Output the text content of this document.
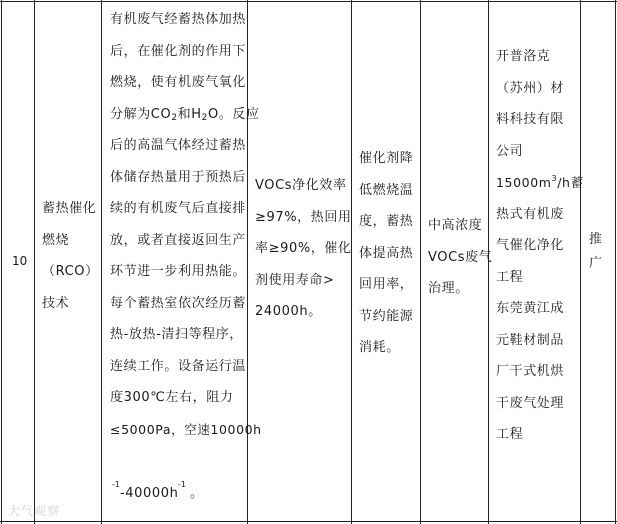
10
蓄热催化
燃烧
（RCO）
技术
有机废气经蓄热体加热
后，在催化剂的作用下
燃烧，使有机废气氧化
分解为$CO_2$和$H_2O$。反应
后的高温气体经过蓄热
体储存热量用于预热后
续的有机废气后直接排
放，或者直接返回生产
环节进一步利用热能。
每个蓄热室依次经历蓄
热-放热-清扫等程序，
连续工作。设备运行温
度300℃左右，阻力
≤5000Pa，空速10000h
-1	-1
-40000h 。
VOCs净化效率
≥97%，热回用
率≥90%，催化
剂使用寿命>
24000h。
催化剂降
低燃烧温
度，蓄热
体提高热
回用率，
节约能源
消耗。
中高浓度
VOCs废气
治理。
开普洛克
（苏州）材
料科技有限
公司
$15000m^3/h$蓄
热式有机废
气催化净化
工程
东莞黄江成
元鞋材制品
厂干式机烘
干废气处理
工程
推
广
大气观察
